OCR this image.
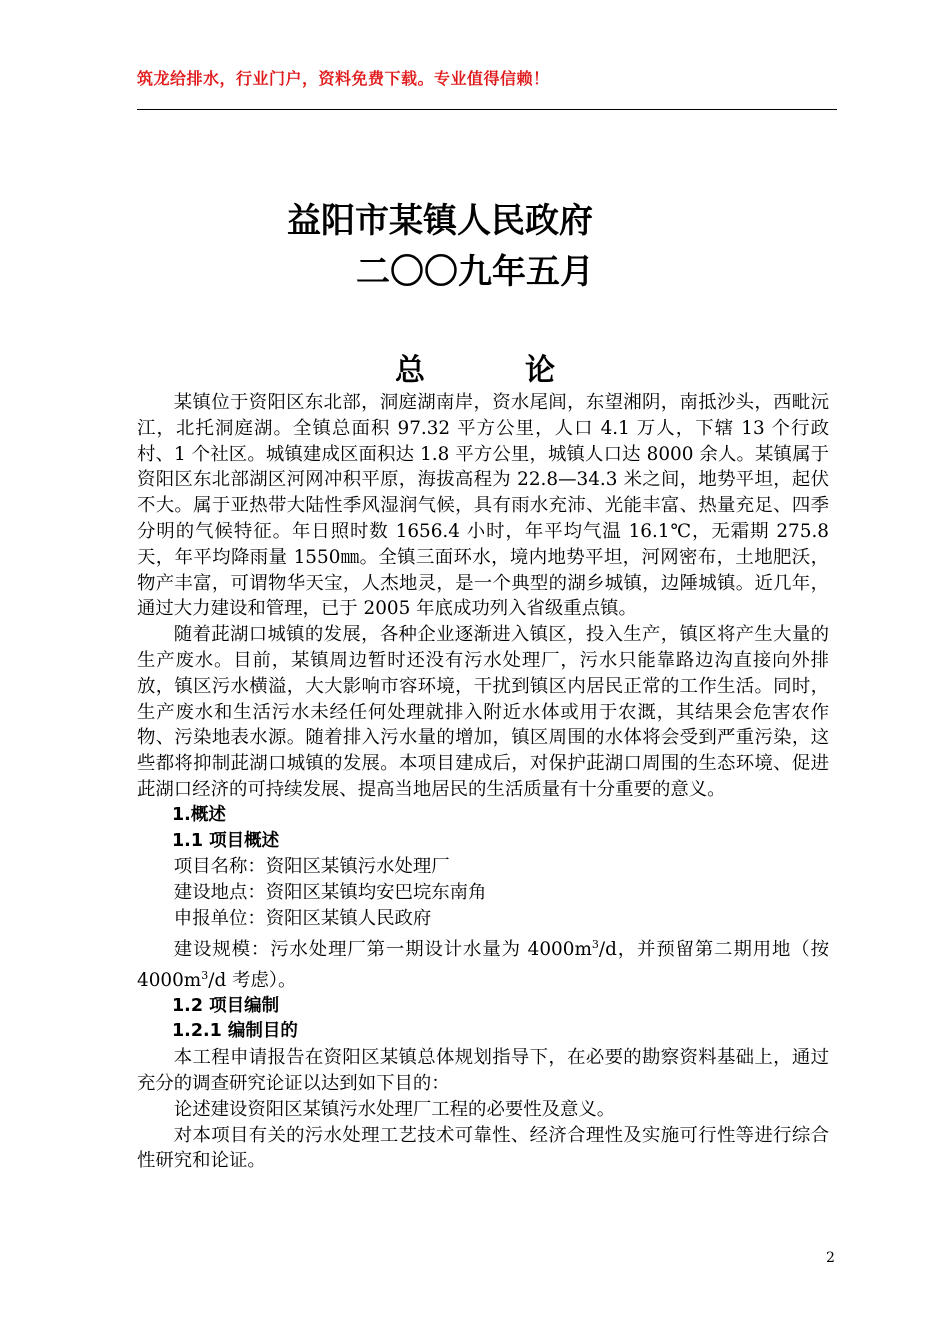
筑龙给排水，行业门户，资料免费下载。专业值得信赖！
益阳市某镇人民政府
二〇〇九年五月
总	论

某镇位于资阳区东北部，洞庭湖南岸，资水尾闾，东望湘阴，南抵沙头，西毗沅江，北托洞庭湖。全镇总面积 97.32 平方公里，人口 4.1 万人，下辖 13 个行政村、1 个社区。城镇建成区面积达 1.8 平方公里，城镇人口达 8000 余人。某镇属于资阳区东北部湖区河网冲积平原，海拔高程为 22.8—34.3 米之间，地势平坦，起伏不大。属于亚热带大陆性季风湿润气候，具有雨水充沛、光能丰富、热量充足、四季分明的气候特征。年日照时数 1656.4 小时，年平均气温 16.1℃，无霜期 275.8 天，年平均降雨量 1550㎜。全镇三面环水，境内地势平坦，河网密布，土地肥沃，物产丰富，可谓物华天宝，人杰地灵，是一个典型的湖乡城镇，边陲城镇。近几年，通过大力建设和管理，已于 2005 年底成功列入省级重点镇。

随着茈湖口城镇的发展，各种企业逐渐进入镇区，投入生产，镇区将产生大量的生产废水。目前，某镇周边暂时还没有污水处理厂，污水只能靠路边沟直接向外排放，镇区污水横溢，大大影响市容环境，干扰到镇区内居民正常的工作生活。同时，生产废水和生活污水未经任何处理就排入附近水体或用于农溉，其结果会危害农作物、污染地表水源。随着排入污水量的增加，镇区周围的水体将会受到严重污染，这些都将抑制茈湖口城镇的发展。本项目建成后，对保护茈湖口周围的生态环境、促进茈湖口经济的可持续发展、提高当地居民的生活质量有十分重要的意义。

1.概述

1.1 项目概述

项目名称：资阳区某镇污水处理厂

建设地点：资阳区某镇均安巴垸东南角

申报单位：资阳区某镇人民政府

建设规模：污水处理厂第一期设计水量为 $4000m^3/d$，并预留第二期用地（按 $4000m^3/d$ 考虑）。

1.2 项目编制

1.2.1 编制目的

本工程申请报告在资阳区某镇总体规划指导下，在必要的勘察资料基础上，通过充分的调查研究论证以达到如下目的：

论述建设资阳区某镇污水处理厂工程的必要性及意义。

对本项目有关的污水处理工艺技术可靠性、经济合理性及实施可行性等进行综合性研究和论证。

2
